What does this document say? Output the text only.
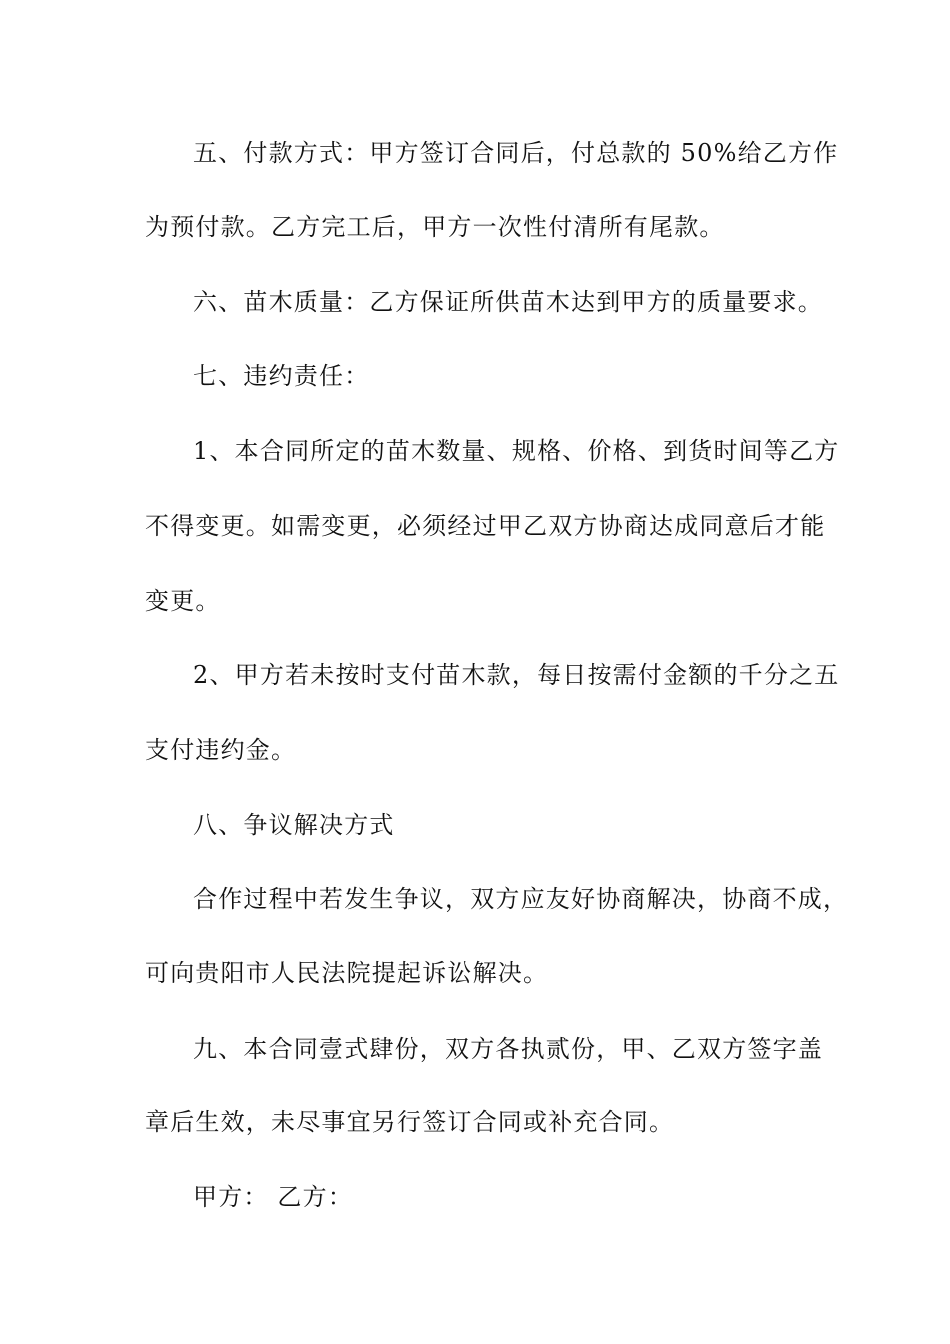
五、付款方式：甲方签订合同后，付总款的 50%给乙方作
为预付款。乙方完工后，甲方一次性付清所有尾款。
六、苗木质量：乙方保证所供苗木达到甲方的质量要求。
七、违约责任：
1、本合同所定的苗木数量、规格、价格、到货时间等乙方
不得变更。如需变更，必须经过甲乙双方协商达成同意后才能
变更。
2、甲方若未按时支付苗木款，每日按需付金额的千分之五
支付违约金。
八、争议解决方式
合作过程中若发生争议，双方应友好协商解决，协商不成，
可向贵阳市人民法院提起诉讼解决。
九、本合同壹式肆份，双方各执贰份，甲、乙双方签字盖
章后生效，未尽事宜另行签订合同或补充合同。
甲方： 乙方：
